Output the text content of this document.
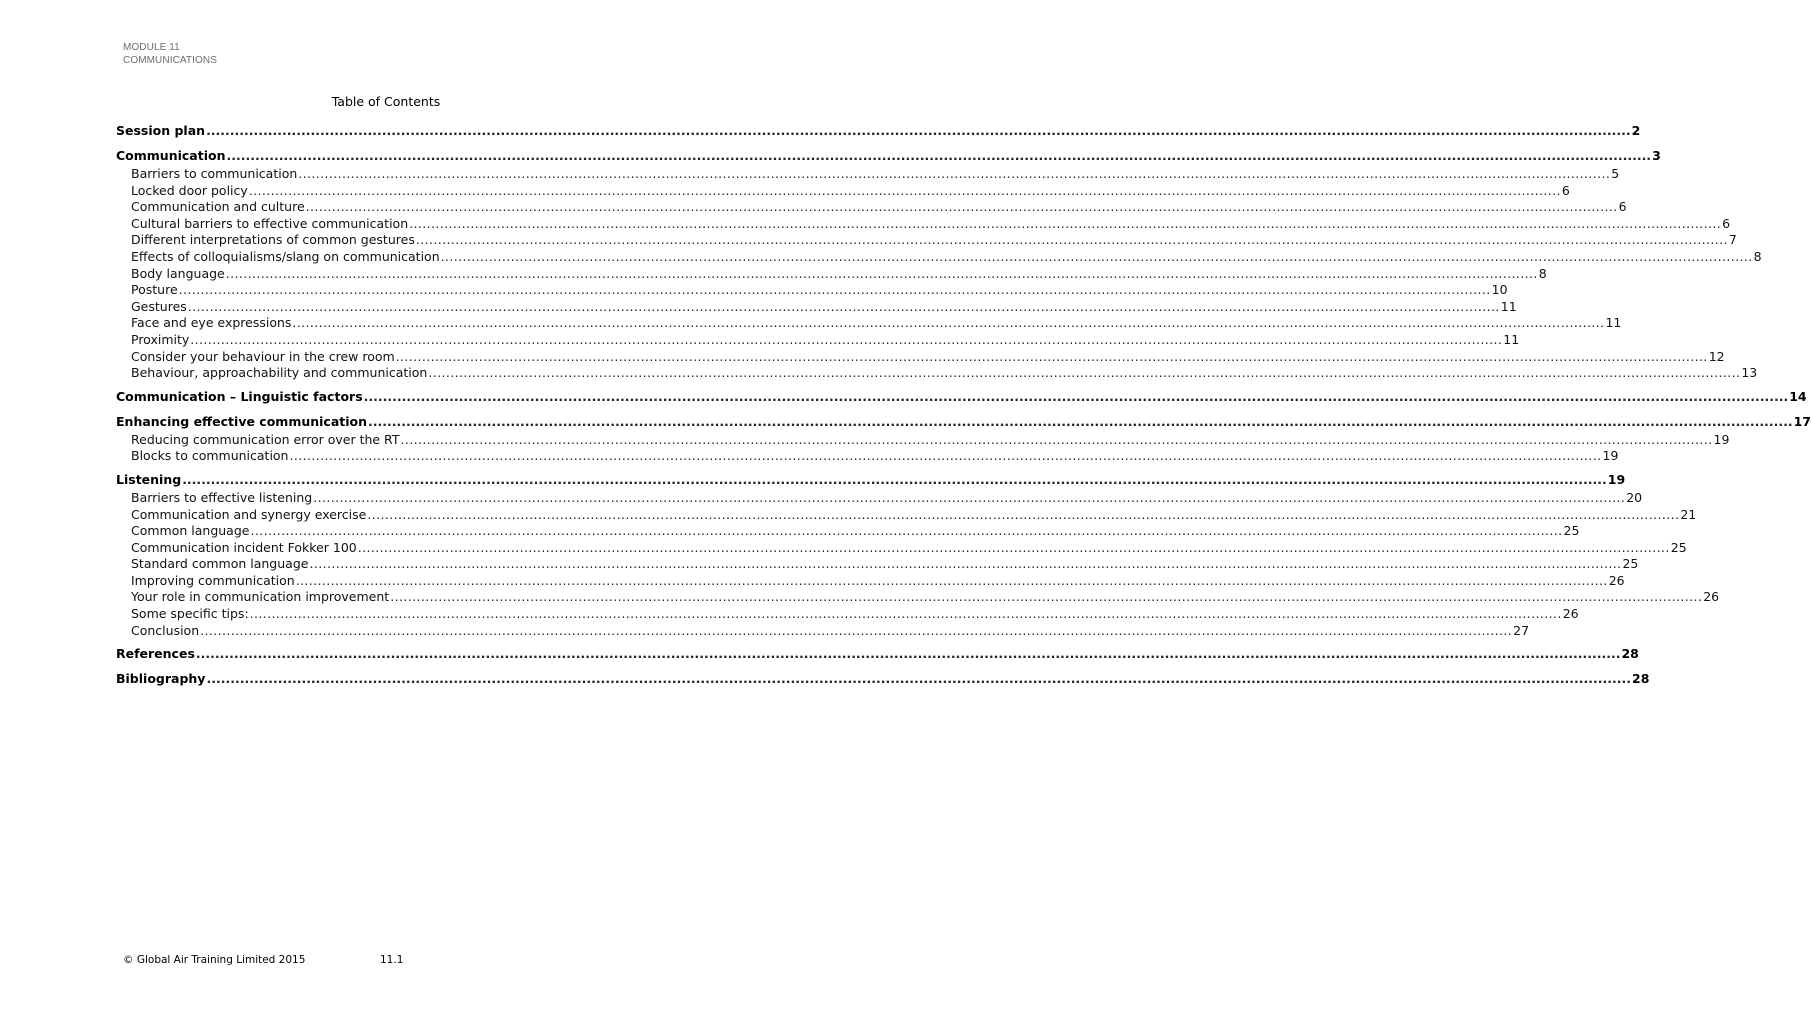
MODULE 11
COMMUNICATIONS
Table of Contents
Session plan ............................................................................................................................................................................................................................................................................................................ 2
Communication ............................................................................................................................................................................................................................................................................................................ 3
Barriers to communication ............................................................................................................................................................................................................................................................................................................ 5
Locked door policy ............................................................................................................................................................................................................................................................................................................ 6
Communication and culture ............................................................................................................................................................................................................................................................................................................ 6
Cultural barriers to effective communication ............................................................................................................................................................................................................................................................................................................ 6
Different interpretations of common gestures ............................................................................................................................................................................................................................................................................................................ 7
Effects of colloquialisms/slang on communication ............................................................................................................................................................................................................................................................................................................ 8
Body language ............................................................................................................................................................................................................................................................................................................ 8
Posture ............................................................................................................................................................................................................................................................................................................ 10
Gestures ............................................................................................................................................................................................................................................................................................................ 11
Face and eye expressions ............................................................................................................................................................................................................................................................................................................ 11
Proximity ............................................................................................................................................................................................................................................................................................................ 11
Consider your behaviour in the crew room ............................................................................................................................................................................................................................................................................................................ 12
Behaviour, approachability and communication ............................................................................................................................................................................................................................................................................................................ 13
Communication – Linguistic factors ............................................................................................................................................................................................................................................................................................................ 14
Enhancing effective communication ............................................................................................................................................................................................................................................................................................................ 17
Reducing communication error over the RT ............................................................................................................................................................................................................................................................................................................ 19
Blocks to communication ............................................................................................................................................................................................................................................................................................................ 19
Listening ............................................................................................................................................................................................................................................................................................................ 19
Barriers to effective listening ............................................................................................................................................................................................................................................................................................................ 20
Communication and synergy exercise ............................................................................................................................................................................................................................................................................................................ 21
Common language ............................................................................................................................................................................................................................................................................................................ 25
Communication incident Fokker 100 ............................................................................................................................................................................................................................................................................................................ 25
Standard common language ............................................................................................................................................................................................................................................................................................................ 25
Improving communication ............................................................................................................................................................................................................................................................................................................ 26
Your role in communication improvement ............................................................................................................................................................................................................................................................................................................ 26
Some specific tips: ............................................................................................................................................................................................................................................................................................................ 26
Conclusion ............................................................................................................................................................................................................................................................................................................ 27
References ............................................................................................................................................................................................................................................................................................................ 28
Bibliography ............................................................................................................................................................................................................................................................................................................ 28
© Global Air Training Limited 2015	11.1
